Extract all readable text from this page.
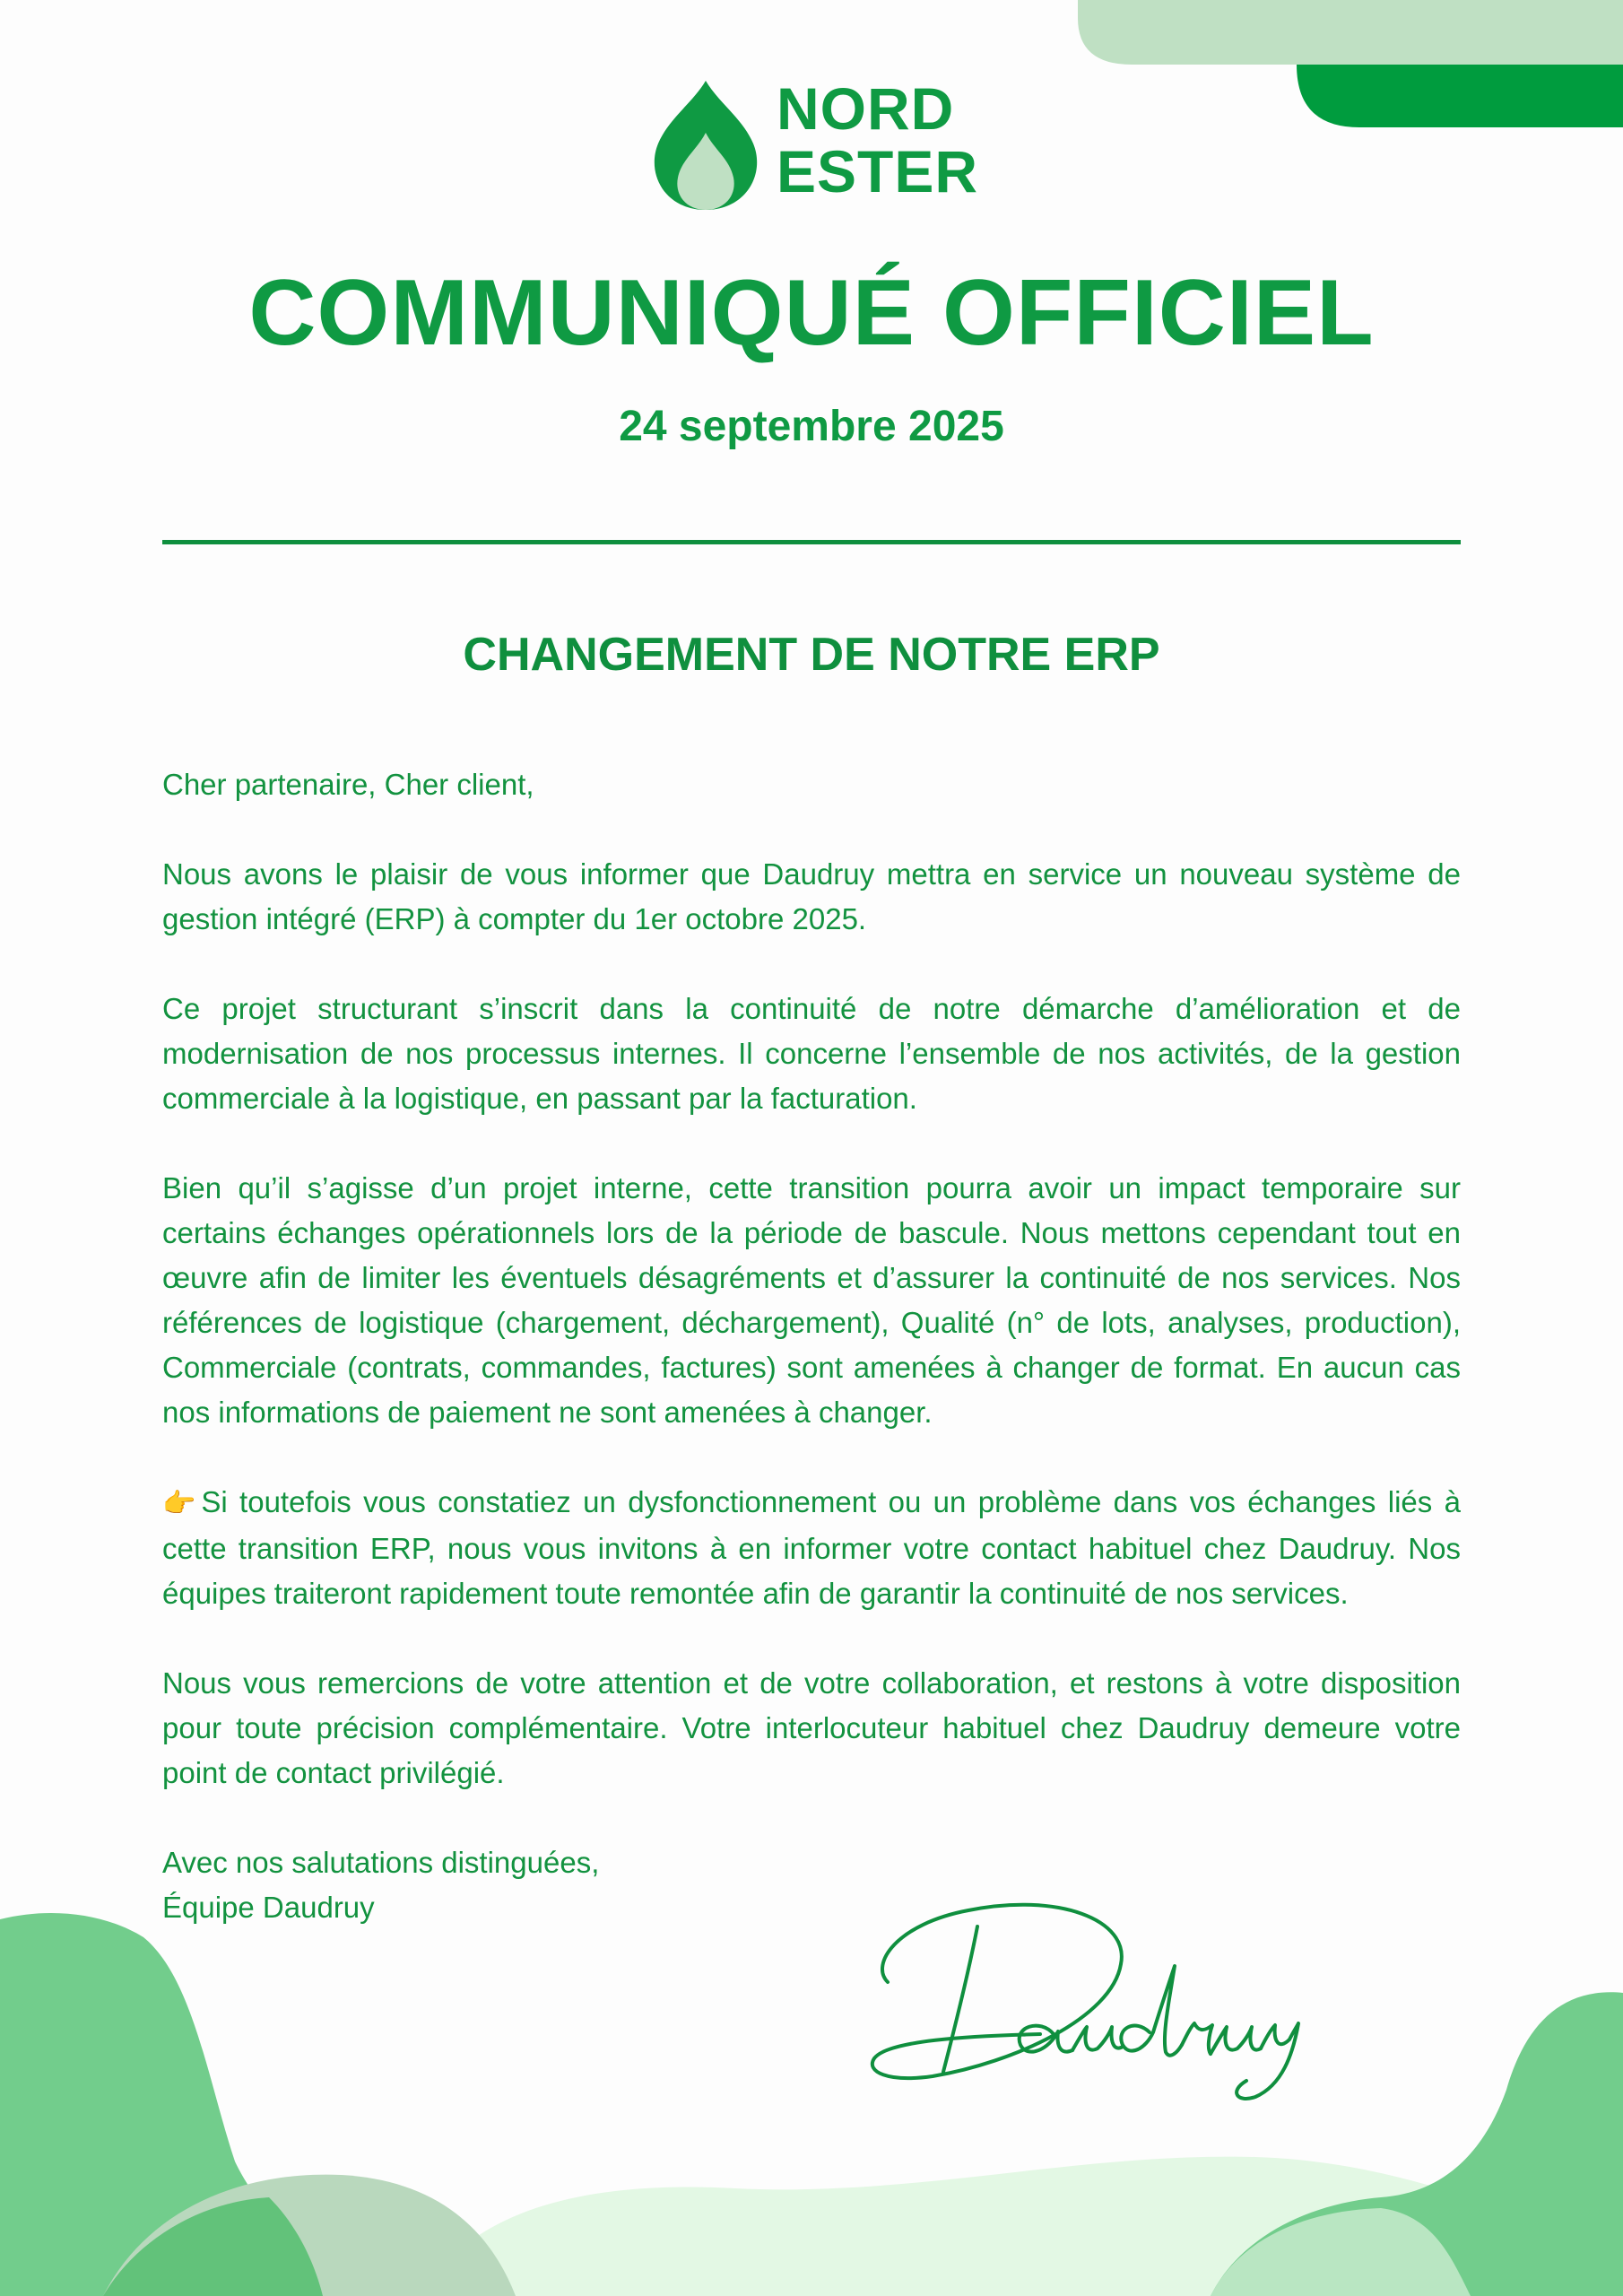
NORD
ESTER
COMMUNIQUÉ OFFICIEL
24 septembre 2025
CHANGEMENT DE NOTRE ERP

Cher partenaire, Cher client,

Nous avons le plaisir de vous informer que Daudruy mettra en service un nouveau système de gestion intégré (ERP) à compter du 1er octobre 2025.

Ce projet structurant s’inscrit dans la continuité de notre démarche d’amélioration et de modernisation de nos processus internes. Il concerne l’ensemble de nos activités, de la gestion commerciale à la logistique, en passant par la facturation.

Bien qu’il s’agisse d’un projet interne, cette transition pourra avoir un impact temporaire sur certains échanges opérationnels lors de la période de bascule. Nous mettons cependant tout en œuvre afin de limiter les éventuels désagréments et d’assurer la continuité de nos services. Nos références de logistique (chargement, déchargement), Qualité (n° de lots, analyses, production), Commerciale (contrats, commandes, factures) sont amenées à changer de format. En aucun cas nos informations de paiement ne sont amenées à changer.

👉 Si toutefois vous constatiez un dysfonctionnement ou un problème dans vos échanges liés à cette transition ERP, nous vous invitons à en informer votre contact habituel chez Daudruy. Nos équipes traiteront rapidement toute remontée afin de garantir la continuité de nos services.

Nous vous remercions de votre attention et de votre collaboration, et restons à votre disposition pour toute précision complémentaire. Votre interlocuteur habituel chez Daudruy demeure votre point de contact privilégié.

Avec nos salutations distinguées,
Équipe Daudruy
